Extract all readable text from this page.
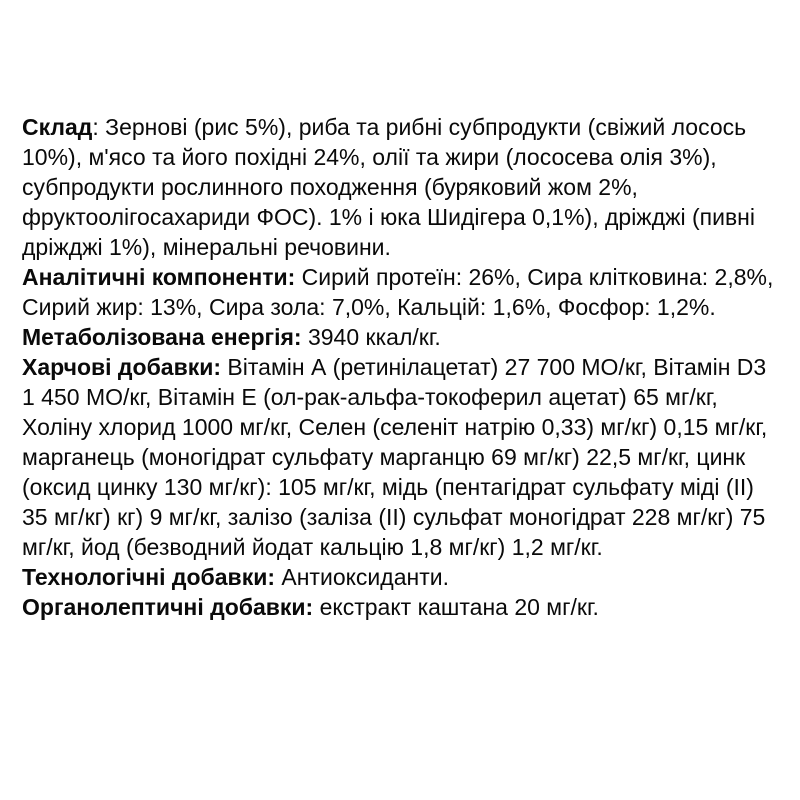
Склад: Зернові (рис 5%), риба та рибні субпродукти (свіжий лосось 10%), м'ясо та його похідні 24%, олії та жири (лососева олія 3%), субпродукти рослинного походження (буряковий жом 2%, фруктоолігосахариди ФОС). 1% і юка Шидігера 0,1%), дріжджі (пивні дріжджі 1%), мінеральні речовини.

Аналітичні компоненти: Сирий протеїн: 26%, Сира клітковина: 2,8%, Сирий жир: 13%, Сира зола: 7,0%, Кальцій: 1,6%, Фосфор: 1,2%.

Метаболізована енергія: 3940 ккал/кг.

Харчові добавки: Вітамін А (ретинілацетат) 27 700 МО/кг, Вітамін D3 1 450 МО/кг, Вітамін Е (ол-рак-альфа-токоферил ацетат) 65 мг/кг, Холіну хлорид 1000 мг/кг, Селен (селеніт натрію 0,33) мг/кг) 0,15 мг/кг, марганець (моногідрат сульфату марганцю 69 мг/кг) 22,5 мг/кг, цинк (оксид цинку 130 мг/кг): 105 мг/кг, мідь (пентагідрат сульфату міді (ІІ) 35 мг/кг) кг) 9 мг/кг, залізо (заліза (ІІ) сульфат моногідрат 228 мг/кг) 75 мг/кг, йод (безводний йодат кальцію 1,8 мг/кг) 1,2 мг/кг.

Технологічні добавки: Антиоксиданти.

Органолептичні добавки: екстракт каштана 20 мг/кг.
